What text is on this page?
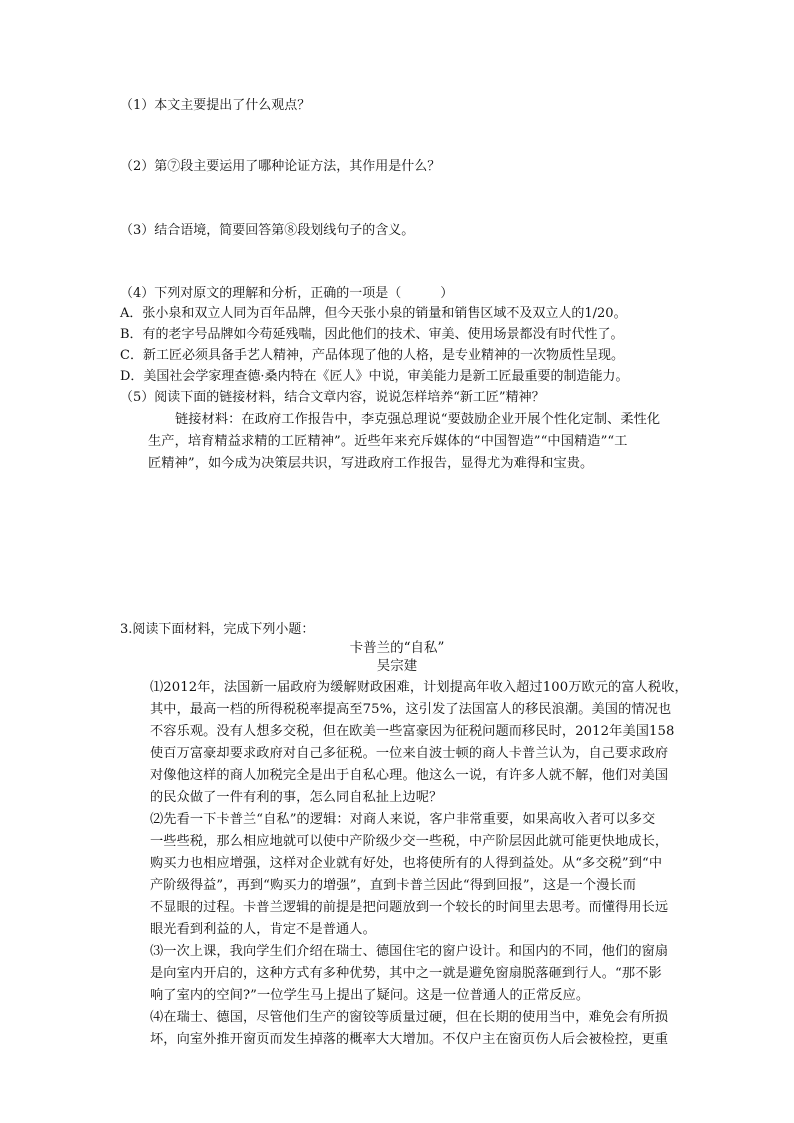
（1）本文主要提出了什么观点？
（2）第⑦段主要运用了哪种论证方法，其作用是什么？
（3）结合语境，简要回答第⑧段划线句子的含义。
（4）下列对原文的理解和分析，正确的一项是（　　　）
A．张小泉和双立人同为百年品牌，但今天张小泉的销量和销售区域不及双立人的1/20。
B．有的老字号品牌如今苟延残喘，因此他们的技术、审美、使用场景都没有时代性了。
C．新工匠必须具备手艺人精神，产品体现了他的人格，是专业精神的一次物质性呈现。
D．美国社会学家理查德·桑内特在《匠人》中说，审美能力是新工匠最重要的制造能力。
（5）阅读下面的链接材料，结合文章内容，说说怎样培养“新工匠”精神？
链接材料：在政府工作报告中，李克强总理说“要鼓励企业开展个性化定制、柔性化
生产，培育精益求精的工匠精神”。近些年来充斥媒体的“中国智造”“中国精造”“工
匠精神”，如今成为决策层共识，写进政府工作报告，显得尤为难得和宝贵。
3.阅读下面材料，完成下列小题：
卡普兰的“自私”
吴宗建
⑴2012年，法国新一届政府为缓解财政困难，计划提高年收入超过100万欧元的富人税收，
其中，最高一档的所得税税率提高至75%，这引发了法国富人的移民浪潮。美国的情况也
不容乐观。没有人想多交税，但在欧美一些富豪因为征税问题而移民时，2012年美国158
使百万富豪却要求政府对自己多征税。一位来自波士顿的商人卡普兰认为，自己要求政府
对像他这样的商人加税完全是出于自私心理。他这么一说，有许多人就不解，他们对美国
的民众做了一件有利的事，怎么同自私扯上边呢？
⑵先看一下卡普兰“自私”的逻辑：对商人来说，客户非常重要，如果高收入者可以多交
一些些税，那么相应地就可以使中产阶级少交一些税，中产阶层因此就可能更快地成长，
购买力也相应增强，这样对企业就有好处，也将使所有的人得到益处。从“多交税”到“中
产阶级得益”，再到“购买力的增强”，直到卡普兰因此“得到回报”，这是一个漫长而
不显眼的过程。卡普兰逻辑的前提是把问题放到一个较长的时间里去思考。而懂得用长远
眼光看到利益的人，肯定不是普通人。
⑶一次上课，我向学生们介绍在瑞士、德国住宅的窗户设计。和国内的不同，他们的窗扇
是向室内开启的，这种方式有多种优势，其中之一就是避免窗扇脱落砸到行人。“那不影
响了室内的空间?”一位学生马上提出了疑问。这是一位普通人的正常反应。
⑷在瑞士、德国，尽管他们生产的窗铰等质量过硬，但在长期的使用当中，难免会有所损
坏，向室外推开窗页而发生掉落的概率大大增加。不仅户主在窗页伤人后会被检控，更重
